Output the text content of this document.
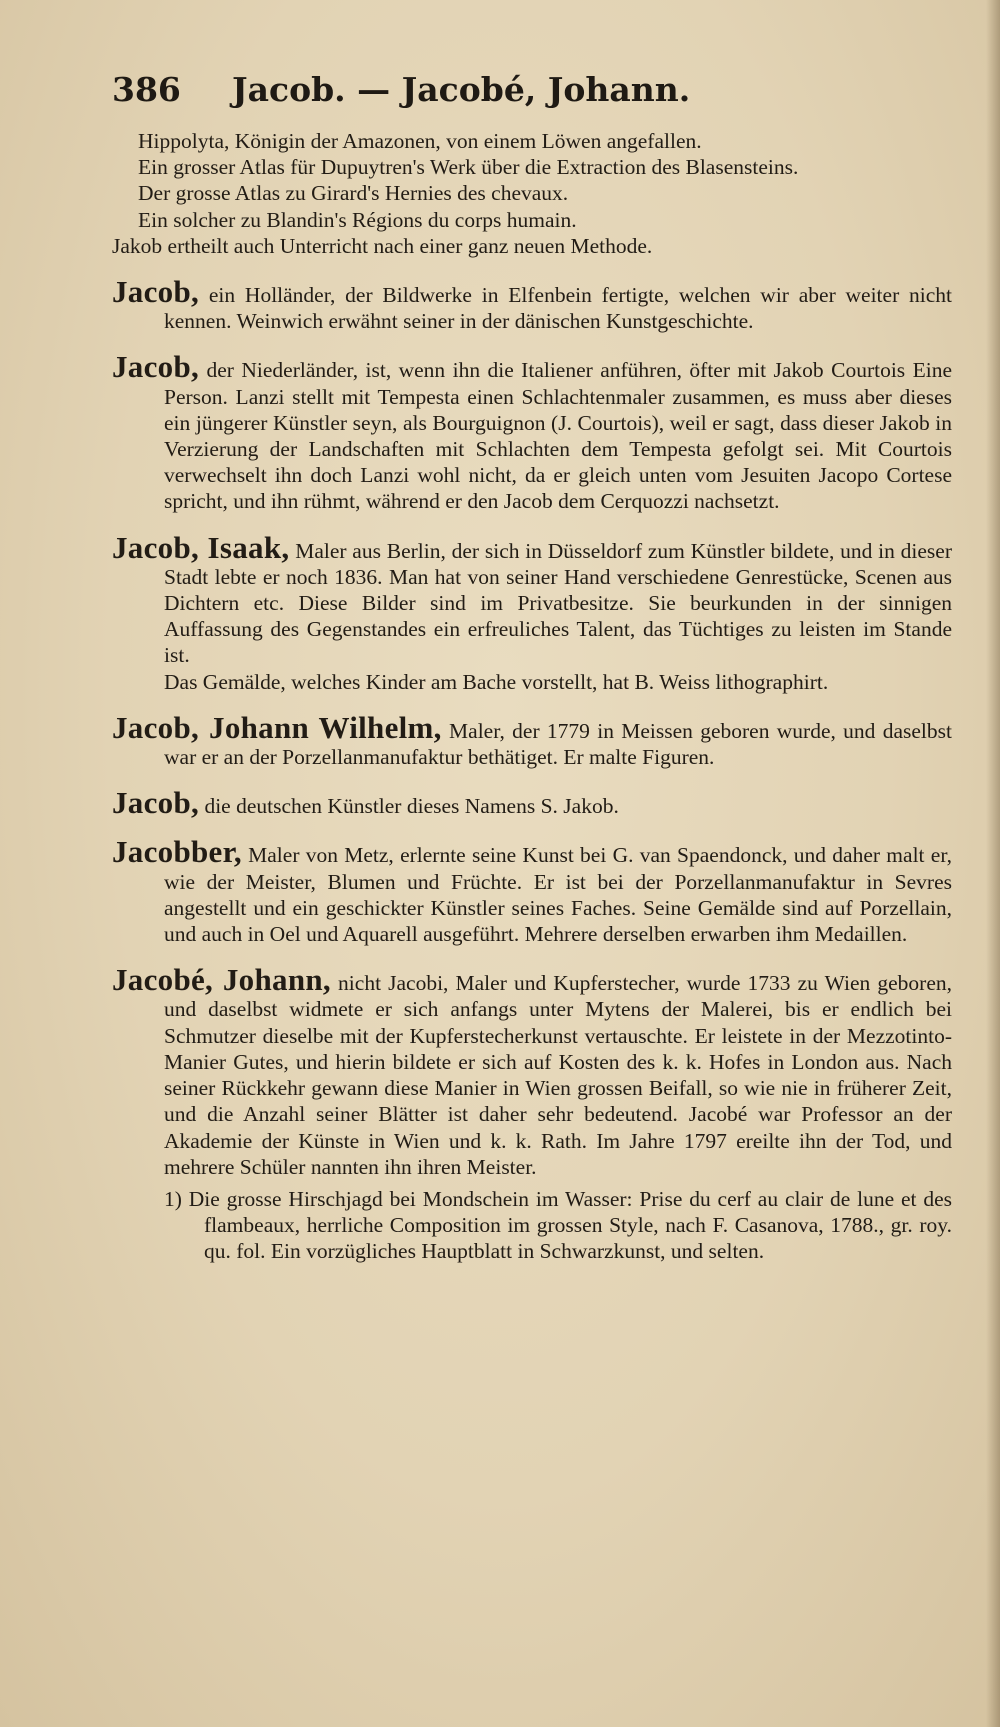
386 Jacob. — Jacobé, Johann.

Hippolyta, Königin der Amazonen, von einem Löwen angefallen.

Ein grosser Atlas für Dupuytren's Werk über die Extraction des Blasensteins.

Der grosse Atlas zu Girard's Hernies des chevaux.

Ein solcher zu Blandin's Régions du corps humain.

Jakob ertheilt auch Unterricht nach einer ganz neuen Methode.

Jacob, ein Holländer, der Bildwerke in Elfenbein fertigte, welchen wir aber weiter nicht kennen. Weinwich erwähnt seiner in der dänischen Kunstgeschichte.
Jacob, der Niederländer, ist, wenn ihn die Italiener anführen, öfter mit Jakob Courtois Eine Person. Lanzi stellt mit Tempesta einen Schlachtenmaler zusammen, es muss aber dieses ein jüngerer Künstler seyn, als Bourguignon (J. Courtois), weil er sagt, dass dieser Jakob in Verzierung der Landschaften mit Schlachten dem Tempesta gefolgt sei. Mit Courtois verwechselt ihn doch Lanzi wohl nicht, da er gleich unten vom Jesuiten Jacopo Cortese spricht, und ihn rühmt, während er den Jacob dem Cerquozzi nachsetzt.
Jacob, Isaak, Maler aus Berlin, der sich in Düsseldorf zum Künstler bildete, und in dieser Stadt lebte er noch 1836. Man hat von seiner Hand verschiedene Genrestücke, Scenen aus Dichtern etc. Diese Bilder sind im Privatbesitze. Sie beurkunden in der sinnigen Auffassung des Gegenstandes ein erfreuliches Talent, das Tüchtiges zu leisten im Stande ist.

Das Gemälde, welches Kinder am Bache vorstellt, hat B. Weiss lithographirt.

Jacob, Johann Wilhelm, Maler, der 1779 in Meissen geboren wurde, und daselbst war er an der Porzellanmanufaktur bethätiget. Er malte Figuren.
Jacob, die deutschen Künstler dieses Namens S. Jakob.
Jacobber, Maler von Metz, erlernte seine Kunst bei G. van Spaendonck, und daher malt er, wie der Meister, Blumen und Früchte. Er ist bei der Porzellanmanufaktur in Sevres angestellt und ein geschickter Künstler seines Faches. Seine Gemälde sind auf Porzellain, und auch in Oel und Aquarell ausgeführt. Mehrere derselben erwarben ihm Medaillen.
Jacobé, Johann, nicht Jacobi, Maler und Kupferstecher, wurde 1733 zu Wien geboren, und daselbst widmete er sich anfangs unter Mytens der Malerei, bis er endlich bei Schmutzer dieselbe mit der Kupferstecherkunst vertauschte. Er leistete in der Mezzotinto-Manier Gutes, und hierin bildete er sich auf Kosten des k. k. Hofes in London aus. Nach seiner Rückkehr gewann diese Manier in Wien grossen Beifall, so wie nie in früherer Zeit, und die Anzahl seiner Blätter ist daher sehr bedeutend. Jacobé war Professor an der Akademie der Künste in Wien und k. k. Rath. Im Jahre 1797 ereilte ihn der Tod, und mehrere Schüler nannten ihn ihren Meister.
1) Die grosse Hirschjagd bei Mondschein im Wasser: Prise du cerf au clair de lune et des flambeaux, herrliche Composition im grossen Style, nach F. Casanova, 1788., gr. roy. qu. fol. Ein vorzügliches Hauptblatt in Schwarzkunst, und selten.
